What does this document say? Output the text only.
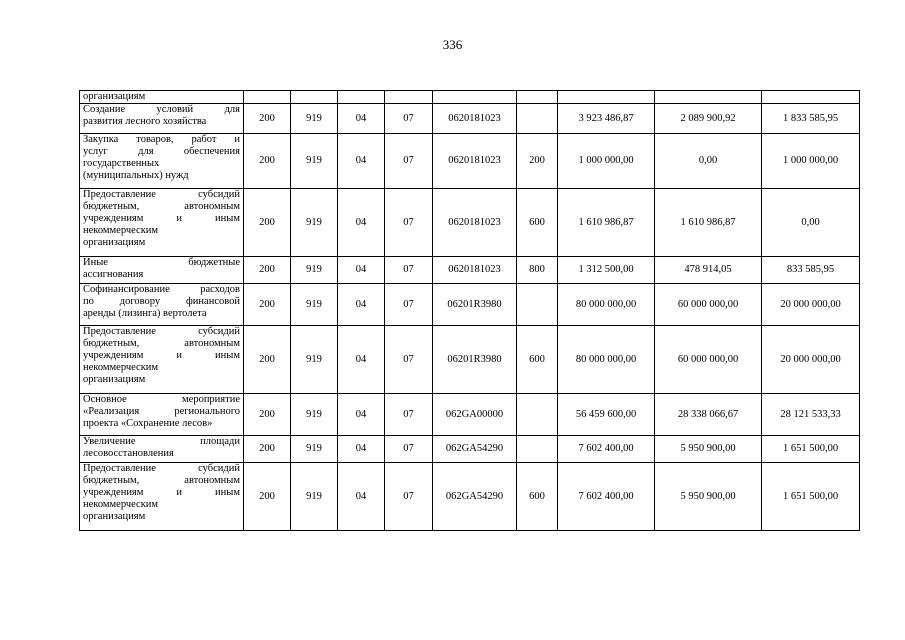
336
организациям									

Создание условий для
развития лесного хозяйства	200	919	04	07	0620181023		3 923 486,87	2 089 900,92	1 833 585,95

Закупка товаров, работ и
услуг для обеспечения
государственных
(муниципальных) нужд	200	919	04	07	0620181023	200	1 000 000,00	0,00	1 000 000,00

Предоставление субсидий
бюджетным, автономным
учреждениям и иным
некоммерческим
организациям	200	919	04	07	0620181023	600	1 610 986,87	1 610 986,87	0,00

Иные бюджетные
ассигнования	200	919	04	07	0620181023	800	1 312 500,00	478 914,05	833 585,95

Софинансирование расходов
по договору финансовой
аренды (лизинга) вертолета	200	919	04	07	06201R3980		80 000 000,00	60 000 000,00	20 000 000,00

Предоставление субсидий
бюджетным, автономным
учреждениям и иным
некоммерческим
организациям	200	919	04	07	06201R3980	600	80 000 000,00	60 000 000,00	20 000 000,00

Основное мероприятие
«Реализация регионального
проекта «Сохранение лесов»	200	919	04	07	062GA00000		56 459 600,00	28 338 066,67	28 121 533,33

Увеличение площади
лесовосстановления	200	919	04	07	062GA54290		7 602 400,00	5 950 900,00	1 651 500,00

Предоставление субсидий
бюджетным, автономным
учреждениям и иным
некоммерческим
организациям	200	919	04	07	062GA54290	600	7 602 400,00	5 950 900,00	1 651 500,00
